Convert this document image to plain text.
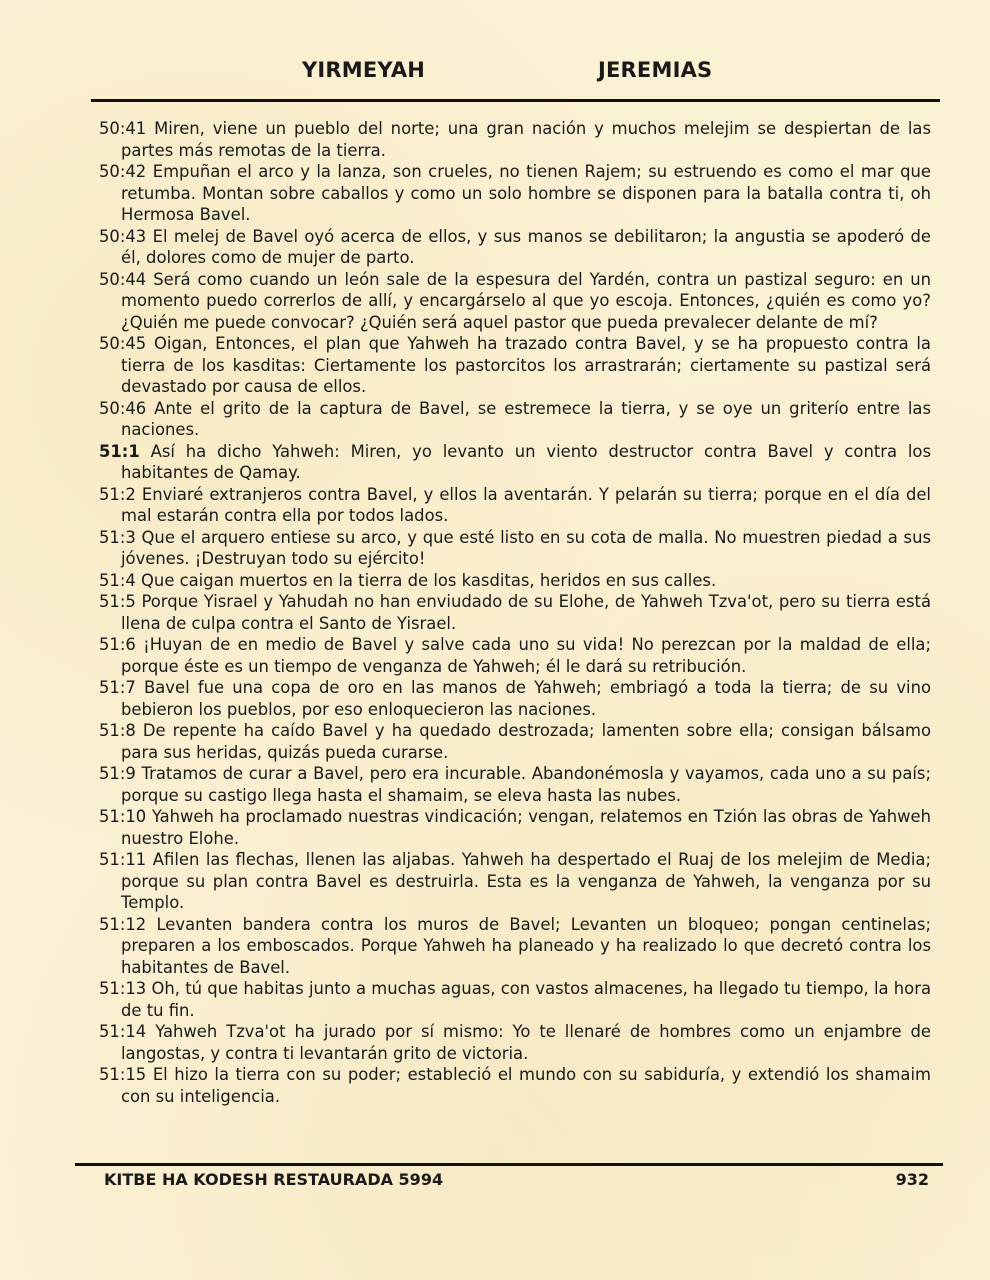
YIRMEYAH	JEREMIAS

50:41 Miren, viene un pueblo del norte; una gran nación y muchos melejim se despiertan de las partes más remotas de la tierra.

50:42 Empuñan el arco y la lanza, son crueles, no tienen Rajem; su estruendo es como el mar que retumba. Montan sobre caballos y como un solo hombre se disponen para la batalla contra ti, oh Hermosa Bavel.

50:43 El melej de Bavel oyó acerca de ellos, y sus manos se debilitaron; la angustia se apoderó de él, dolores como de mujer de parto.

50:44 Será como cuando un león sale de la espesura del Yardén, contra un pastizal seguro: en un momento puedo correrlos de allí, y encargárselo al que yo escoja. Entonces, ¿quién es como yo? ¿Quién me puede convocar? ¿Quién será aquel pastor que pueda prevalecer delante de mí?

50:45 Oigan, Entonces, el plan que Yahweh ha trazado contra Bavel, y se ha propuesto contra la tierra de los kasditas: Ciertamente los pastorcitos los arrastrarán; ciertamente su pastizal será devastado por causa de ellos.

50:46 Ante el grito de la captura de Bavel, se estremece la tierra, y se oye un griterío entre las naciones.

51:1 Así ha dicho Yahweh: Miren, yo levanto un viento destructor contra Bavel y contra los habitantes de Qamay.

51:2 Enviaré extranjeros contra Bavel, y ellos la aventarán. Y pelarán su tierra; porque en el día del mal estarán contra ella por todos lados.

51:3 Que el arquero entiese su arco, y que esté listo en su cota de malla. No muestren piedad a sus jóvenes. ¡Destruyan todo su ejército!

51:4 Que caigan muertos en la tierra de los kasditas, heridos en sus calles.

51:5 Porque Yisrael y Yahudah no han enviudado de su Elohe, de Yahweh Tzva'ot, pero su tierra está llena de culpa contra el Santo de Yisrael.

51:6 ¡Huyan de en medio de Bavel y salve cada uno su vida! No perezcan por la maldad de ella; porque éste es un tiempo de venganza de Yahweh; él le dará su retribución.

51:7 Bavel fue una copa de oro en las manos de Yahweh; embriagó a toda la tierra; de su vino bebieron los pueblos, por eso enloquecieron las naciones.

51:8 De repente ha caído Bavel y ha quedado destrozada; lamenten sobre ella; consigan bálsamo para sus heridas, quizás pueda curarse.

51:9 Tratamos de curar a Bavel, pero era incurable. Abandonémosla y vayamos, cada uno a su país; porque su castigo llega hasta el shamaim, se eleva hasta las nubes.

51:10 Yahweh ha proclamado nuestras vindicación; vengan, relatemos en Tzión las obras de Yahweh nuestro Elohe.

51:11 Afilen las flechas, llenen las aljabas. Yahweh ha despertado el Ruaj de los melejim de Media; porque su plan contra Bavel es destruirla. Esta es la venganza de Yahweh, la venganza por su Templo.

51:12 Levanten bandera contra los muros de Bavel; Levanten un bloqueo; pongan centinelas; preparen a los emboscados. Porque Yahweh ha planeado y ha realizado lo que decretó contra los habitantes de Bavel.

51:13 Oh, tú que habitas junto a muchas aguas, con vastos almacenes, ha llegado tu tiempo, la hora de tu fin.

51:14 Yahweh Tzva'ot ha jurado por sí mismo: Yo te llenaré de hombres como un enjambre de langostas, y contra ti levantarán grito de victoria.

51:15 El hizo la tierra con su poder; estableció el mundo con su sabiduría, y extendió los shamaim con su inteligencia.

KITBE HA KODESH RESTAURADA 5994	932
